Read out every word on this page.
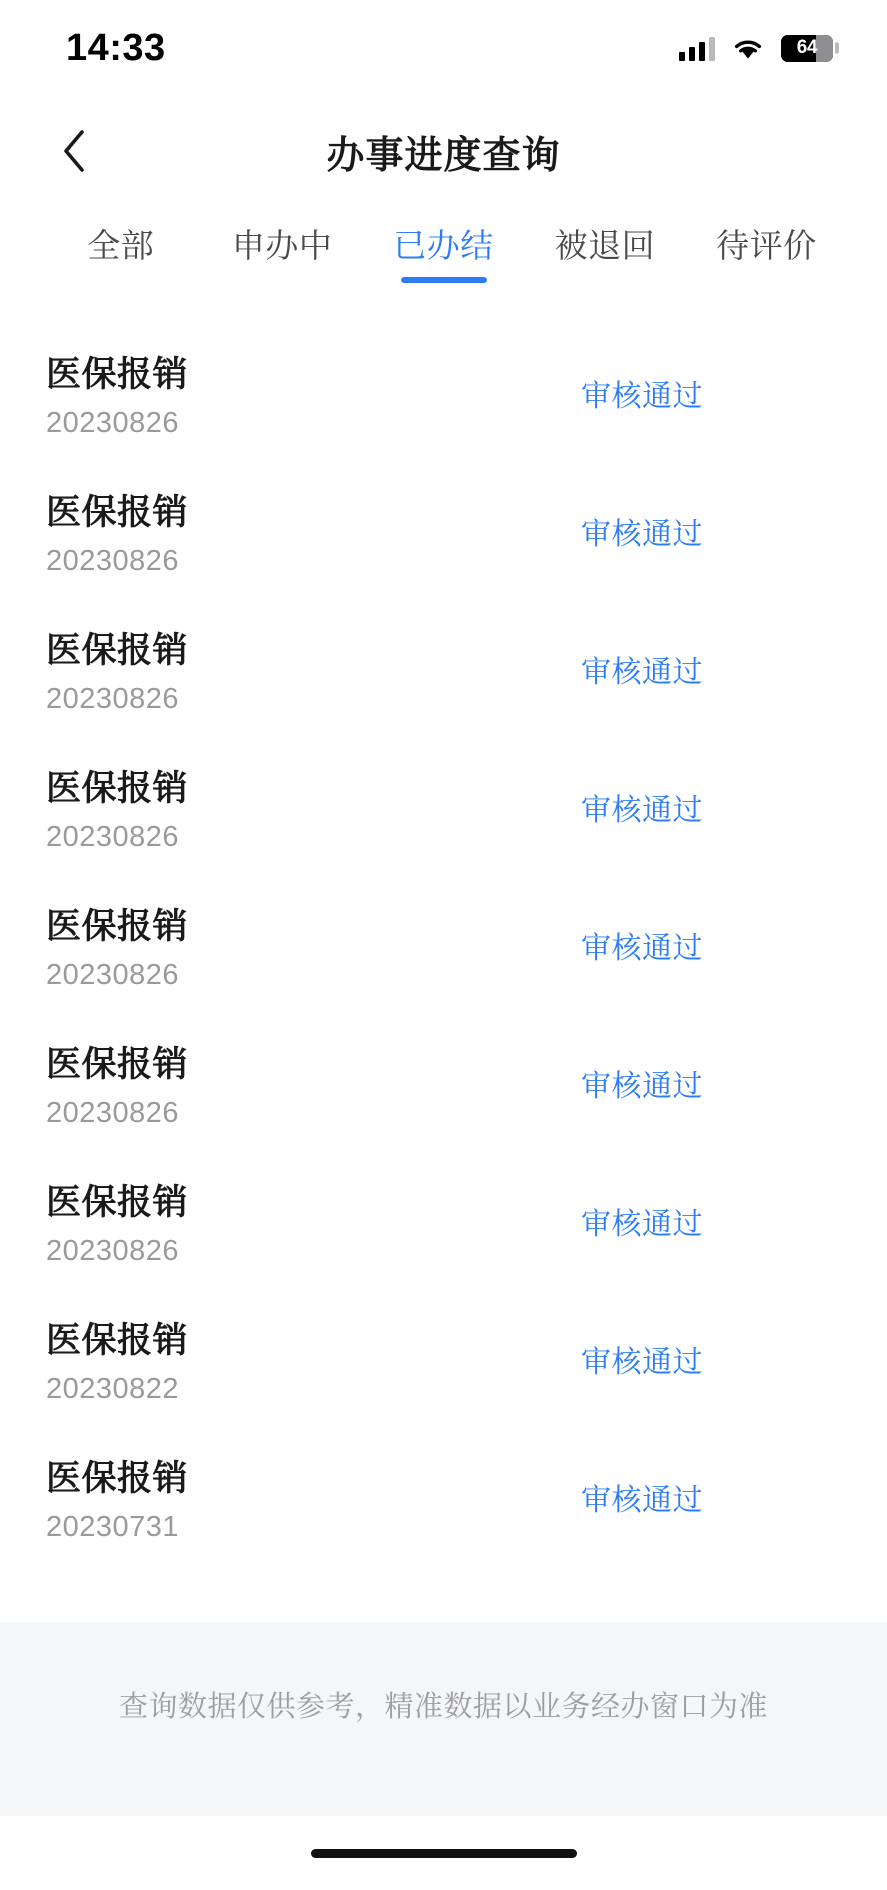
14:33	64
办事进度查询
全部	申办中	已办结	被退回	待评价
医保报销
20230826
审核通过
医保报销
20230826
审核通过
医保报销
20230826
审核通过
医保报销
20230826
审核通过
医保报销
20230826
审核通过
医保报销
20230826
审核通过
医保报销
20230826
审核通过
医保报销
20230822
审核通过
医保报销
20230731
审核通过
查询数据仅供参考，精准数据以业务经办窗口为准
